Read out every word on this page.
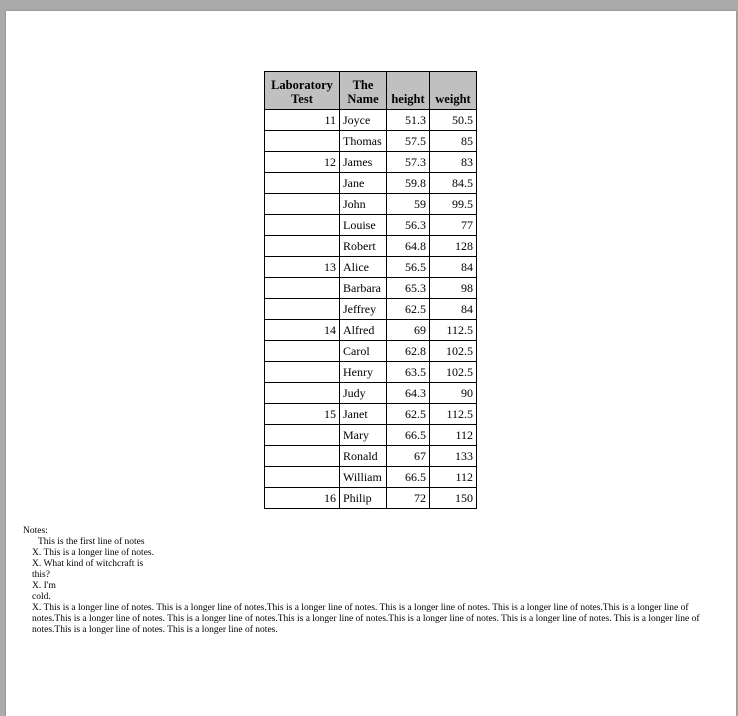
Laboratory Test	The Name	height	weight
11	Joyce	51.3	50.5
	Thomas	57.5	85
12	James	57.3	83
	Jane	59.8	84.5
	John	59	99.5
	Louise	56.3	77
	Robert	64.8	128
13	Alice	56.5	84
	Barbara	65.3	98
	Jeffrey	62.5	84
14	Alfred	69	112.5
	Carol	62.8	102.5
	Henry	63.5	102.5
	Judy	64.3	90
15	Janet	62.5	112.5
	Mary	66.5	112
	Ronald	67	133
	William	66.5	112
16	Philip	72	150
Notes:
This is the first line of notes
X. This is a longer line of notes.
X. What kind of witchcraft is this?
X. I'm cold.
X. This is a longer line of notes. This is a longer line of notes.This is a longer line of notes. This is a longer line of notes. This is a longer line of notes.This is a longer line of notes.This is a longer line of notes. This is a longer line of notes.This is a longer line of notes.This is a longer line of notes. This is a longer line of notes. This is a longer line of notes.This is a longer line of notes. This is a longer line of notes.
